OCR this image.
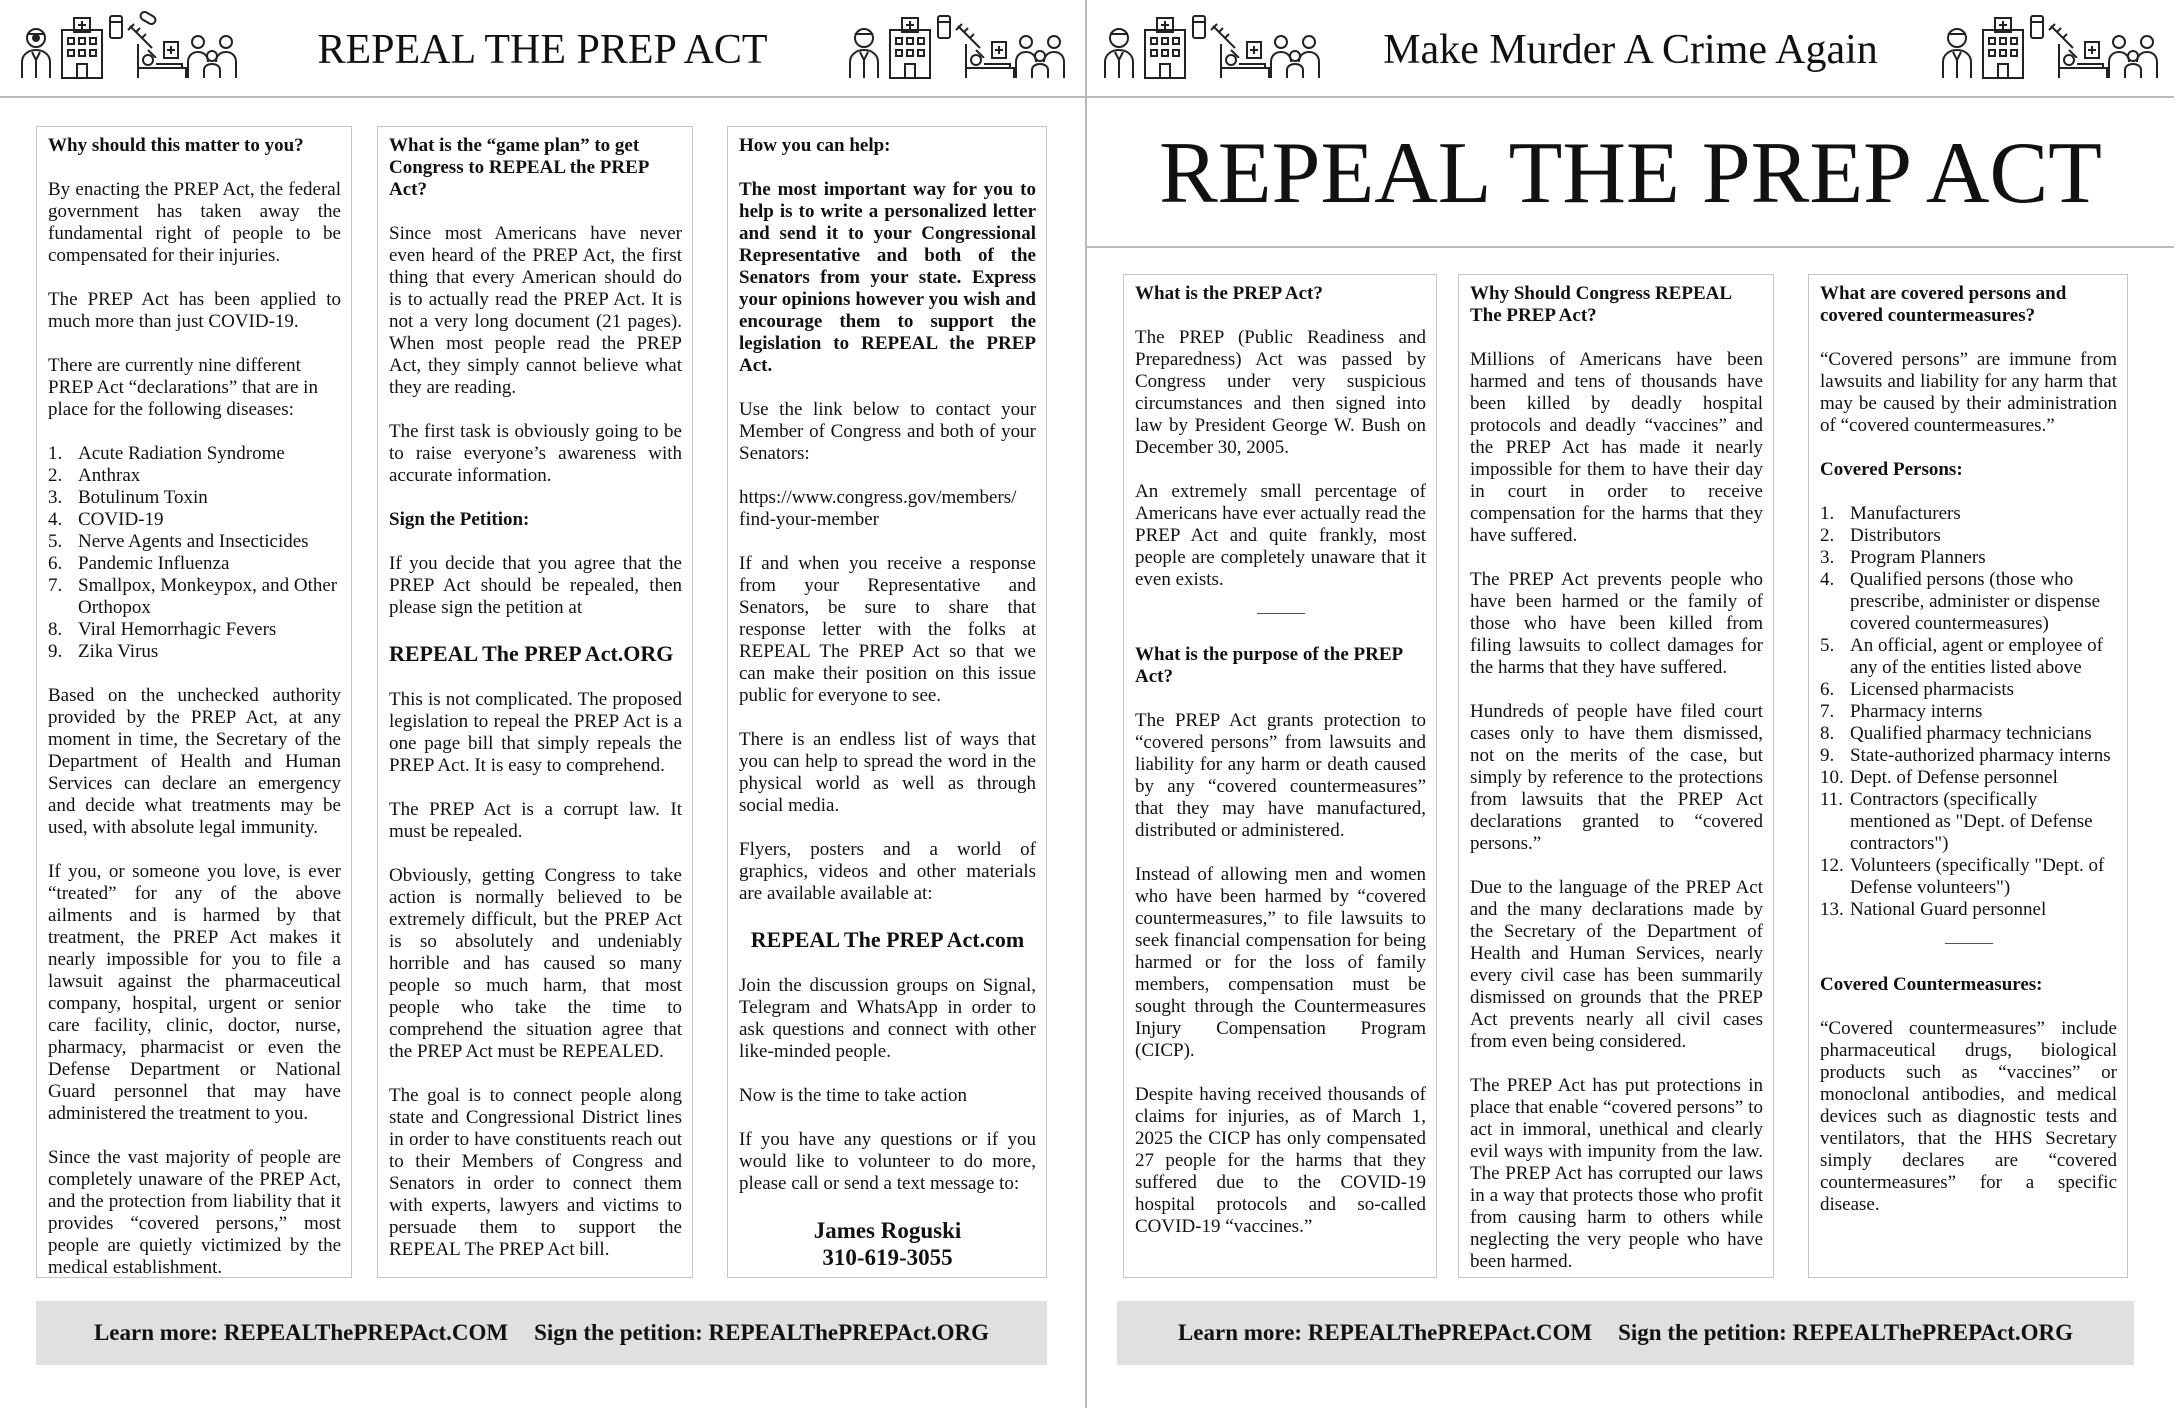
REPEAL THE PREP ACT
Why should this matter to you?

By enacting the PREP Act, the federal government has taken away the fundamental right of people to be compensated for their injuries.

The PREP Act has been applied to much more than just COVID-19.

There are currently nine different PREP Act “declarations” that are in place for the following diseases:

1. Acute Radiation Syndrome
2. Anthrax
3. Botulinum Toxin
4. COVID-19
5. Nerve Agents and Insecticides
6. Pandemic Influenza
7. Smallpox, Monkeypox, and Other Orthopox
8. Viral Hemorrhagic Fevers
9. Zika Virus

Based on the unchecked authority provided by the PREP Act, at any moment in time, the Secretary of the Department of Health and Human Services can declare an emergency and decide what treatments may be used, with absolute legal immunity.

If you, or someone you love, is ever “treated” for any of the above ailments and is harmed by that treatment, the PREP Act makes it nearly impossible for you to file a lawsuit against the pharmaceutical company, hospital, urgent or senior care facility, clinic, doctor, nurse, pharmacy, pharmacist or even the Defense Department or National Guard personnel that may have administered the treatment to you.

Since the vast majority of people are completely unaware of the PREP Act, and the protection from liability that it provides “covered persons,” most people are quietly victimized by the medical establishment.

What is the “game plan” to get Congress to REPEAL the PREP Act?

Since most Americans have never even heard of the PREP Act, the first thing that every American should do is to actually read the PREP Act. It is not a very long document (21 pages). When most people read the PREP Act, they simply cannot believe what they are reading.

The first task is obviously going to be to raise everyone’s awareness with accurate information.

Sign the Petition:

If you decide that you agree that the PREP Act should be repealed, then please sign the petition at

REPEAL The PREP Act.ORG

This is not complicated. The proposed legislation to repeal the PREP Act is a one page bill that simply repeals the PREP Act. It is easy to comprehend.

The PREP Act is a corrupt law. It must be repealed.

Obviously, getting Congress to take action is normally believed to be extremely difficult, but the PREP Act is so absolutely and undeniably horrible and has caused so many people so much harm, that most people who take the time to comprehend the situation agree that the PREP Act must be REPEALED.

The goal is to connect people along state and Congressional District lines in order to have constituents reach out to their Members of Congress and Senators in order to connect them with experts, lawyers and victims to persuade them to support the REPEAL The PREP Act bill.

How you can help:

The most important way for you to help is to write a personalized letter and send it to your Congressional Representative and both of the Senators from your state. Express your opinions however you wish and encourage them to support the legislation to REPEAL the PREP Act.

Use the link below to contact your Member of Congress and both of your Senators:

https://www.congress.gov/members/ find-your-member

If and when you receive a response from your Representative and Senators, be sure to share that response letter with the folks at REPEAL The PREP Act so that we can make their position on this issue public for everyone to see.

There is an endless list of ways that you can help to spread the word in the physical world as well as through social media.

Flyers, posters and a world of graphics, videos and other materials are available available at:

REPEAL The PREP Act.com

Join the discussion groups on Signal, Telegram and WhatsApp in order to ask questions and connect with other like-minded people.

Now is the time to take action

If you have any questions or if you would like to volunteer to do more, please call or send a text message to:

James Roguski
310-619-3055
Learn more: REPEALThePREPAct.COM Sign the petition: REPEALThePREPAct.ORG
Make Murder A Crime Again
REPEAL THE PREP ACT
What is the PREP Act?

The PREP (Public Readiness and Preparedness) Act was passed by Congress under very suspicious circumstances and then signed into law by President George W. Bush on December 30, 2005.

An extremely small percentage of Americans have ever actually read the PREP Act and quite frankly, most people are completely unaware that it even exists.

What is the purpose of the PREP Act?

The PREP Act grants protection to “covered persons” from lawsuits and liability for any harm or death caused by any “covered countermeasures” that they may have manufactured, distributed or administered.

Instead of allowing men and women who have been harmed by “covered countermeasures,” to file lawsuits to seek financial compensation for being harmed or for the loss of family members, compensation must be sought through the Countermeasures Injury Compensation Program (CICP).

Despite having received thousands of claims for injuries, as of March 1, 2025 the CICP has only compensated 27 people for the harms that they suffered due to the COVID-19 hospital protocols and so-called COVID-19 “vaccines.”

Why Should Congress REPEAL The PREP Act?

Millions of Americans have been harmed and tens of thousands have been killed by deadly hospital protocols and deadly “vaccines” and the PREP Act has made it nearly impossible for them to have their day in court in order to receive compensation for the harms that they have suffered.

The PREP Act prevents people who have been harmed or the family of those who have been killed from filing lawsuits to collect damages for the harms that they have suffered.

Hundreds of people have filed court cases only to have them dismissed, not on the merits of the case, but simply by reference to the protections from lawsuits that the PREP Act declarations granted to “covered persons.”

Due to the language of the PREP Act and the many declarations made by the Secretary of the Department of Health and Human Services, nearly every civil case has been summarily dismissed on grounds that the PREP Act prevents nearly all civil cases from even being considered.

The PREP Act has put protections in place that enable “covered persons” to act in immoral, unethical and clearly evil ways with impunity from the law. The PREP Act has corrupted our laws in a way that protects those who profit from causing harm to others while neglecting the very people who have been harmed.

What are covered persons and covered countermeasures?

“Covered persons” are immune from lawsuits and liability for any harm that may be caused by their administration of “covered countermeasures.”

Covered Persons:
1. Manufacturers
2. Distributors
3. Program Planners
4. Qualified persons (those who prescribe, administer or dispense covered countermeasures)
5. An official, agent or employee of any of the entities listed above
6. Licensed pharmacists
7. Pharmacy interns
8. Qualified pharmacy technicians
9. State-authorized pharmacy interns
10. Dept. of Defense personnel
11. Contractors (specifically mentioned as "Dept. of Defense contractors")
12. Volunteers (specifically "Dept. of Defense volunteers")
13. National Guard personnel
Covered Countermeasures:

“Covered countermeasures” include pharmaceutical drugs, biological products such as “vaccines” or monoclonal antibodies, and medical devices such as diagnostic tests and ventilators, that the HHS Secretary simply declares are “covered countermeasures” for a specific disease.

Learn more: REPEALThePREPAct.COM Sign the petition: REPEALThePREPAct.ORG
